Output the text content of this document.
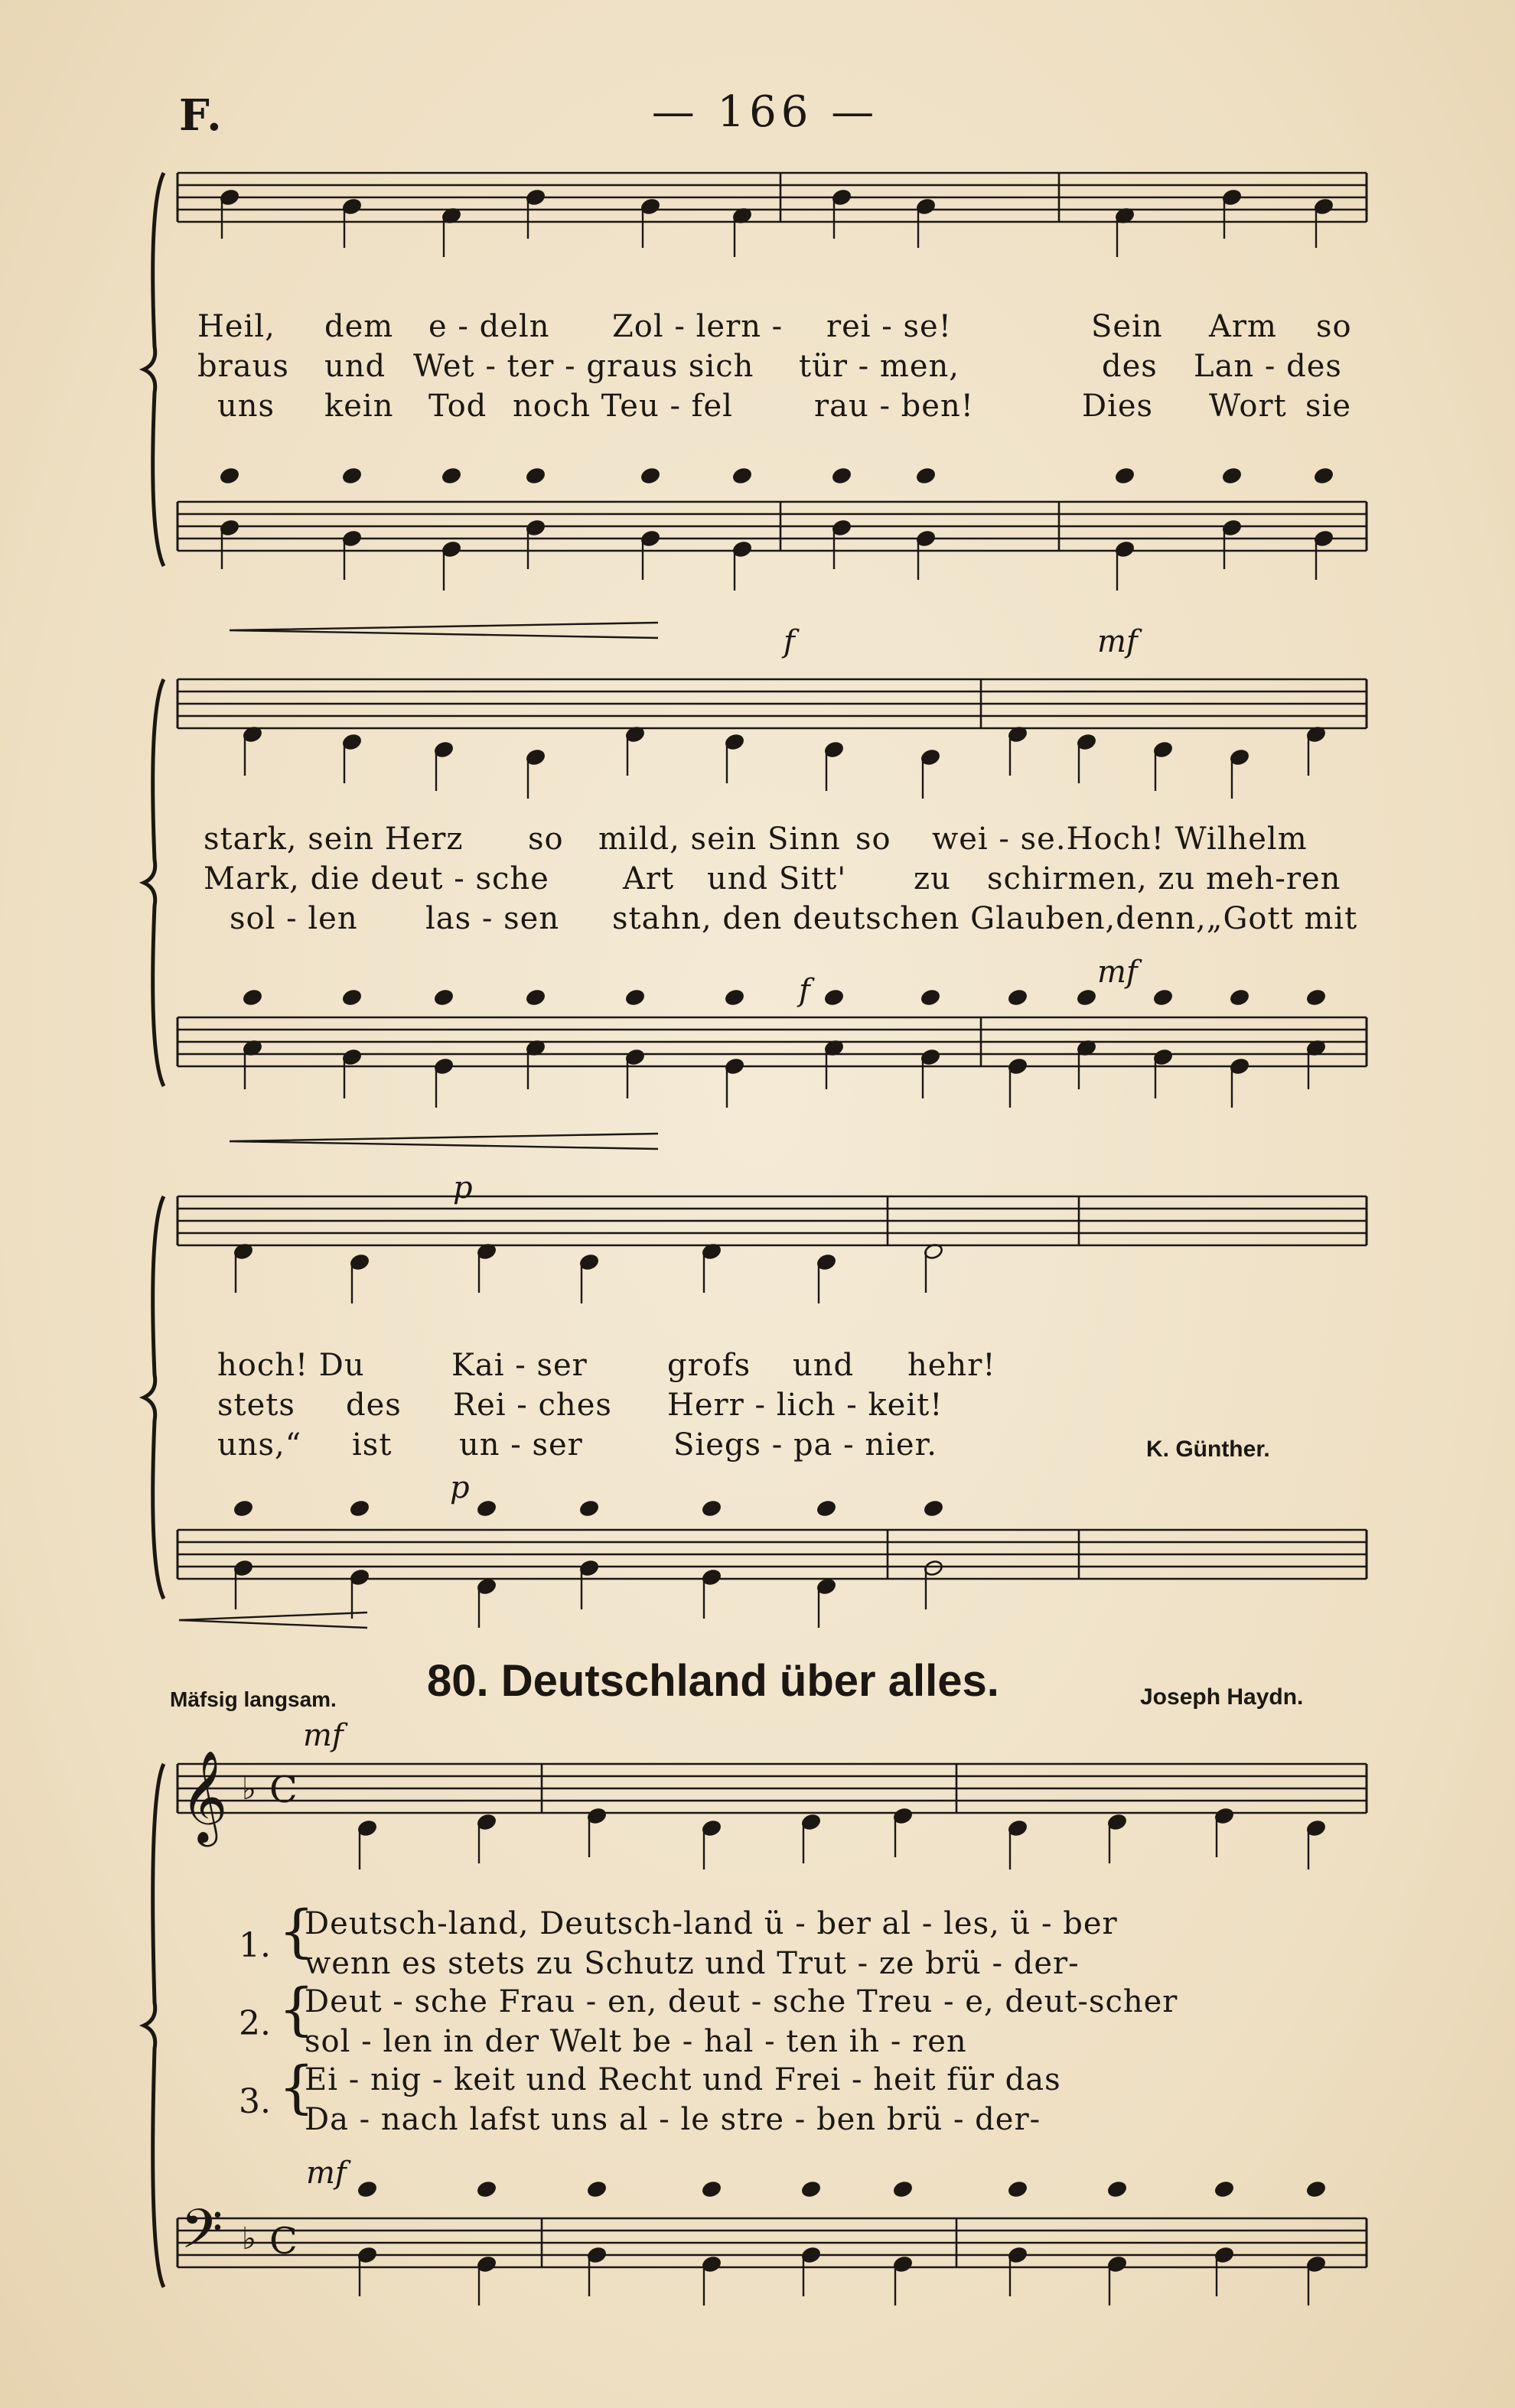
F.	— 166 —
𝄞
𝄢
♭
♭
C
C
Heil, dem e - deln Zol - lern - rei - se!	Sein Arm so
braus und Wet - ter - graus sich tür - men,	des Lan - des
uns kein Tod noch Teu - fel	rau - ben!	Dies Wort sie
f	mf
stark, sein Herz so mild, sein Sinn so wei - se.Hoch! Wilhelm
Mark, die deut - sche Art und Sitt' zu schirmen, zu meh-ren
sol - len las - sen stahn, den deutschen Glauben,denn,„Gott mit
f
mf
p
hoch! Du	Kai - ser	grofs und hehr!
stets des Rei - ches Herr - lich - keit!
uns,“ ist un - ser	Siegs - pa - nier.	K. Günther.
p
Mäfsig langsam. 80. Deutschland über alles.	Joseph Haydn.
mf
1. {
Deutsch-land, Deutsch-land ü - ber al - les, ü - ber
wenn es stets zu Schutz und Trut - ze brü - der-
2. {
Deut - sche Frau - en, deut - sche Treu - e, deut-scher
sol - len in der Welt be - hal - ten ih - ren
3. {
Ei - nig - keit und Recht und Frei - heit für das
Da - nach lafst uns al - le stre - ben brü - der-
mf
